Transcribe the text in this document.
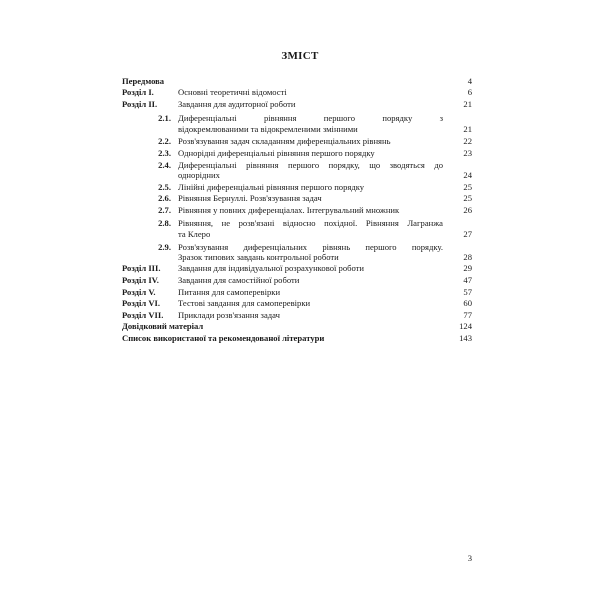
ЗМІСТ
Передмова	4
Розділ I.	Основні теоретичні відомості	6
Розділ II. Завдання для аудиторної роботи	21
2.1. Диференціальні рівняння першого порядку з
відокремлюваними та відокремленими змінними	21
2.2. Розв'язування задач складанням диференціальних рівнянь	22
2.3. Однорідні диференціальні рівняння першого порядку	23
2.4. Диференціальні рівняння першого порядку, що зводяться до
однорідних	24
2.5. Лінійні диференціальні рівняння першого порядку	25
2.6. Рівняння Бернуллі. Розв'язування задач	25
2.7. Рівняння у повних диференціалах. Інтегрувальний множник	26
2.8. Рівняння, не розв'язані відносно похідної. Рівняння Лагранжа
та Клеро	27
2.9. Розв'язування диференціальних рівнянь першого порядку.
Зразок типових завдань контрольної роботи	28
Розділ III. Завдання для індивідуальної розрахункової роботи	29
Розділ IV. Завдання для самостійної роботи	47
Розділ V.	Питання для самоперевірки	57
Розділ VI. Тестові завдання для самоперевірки	60
Розділ VII. Приклади розв'язання задач	77
Довідковий матеріал	124
Список використаної та рекомендованої літератури	143
3
